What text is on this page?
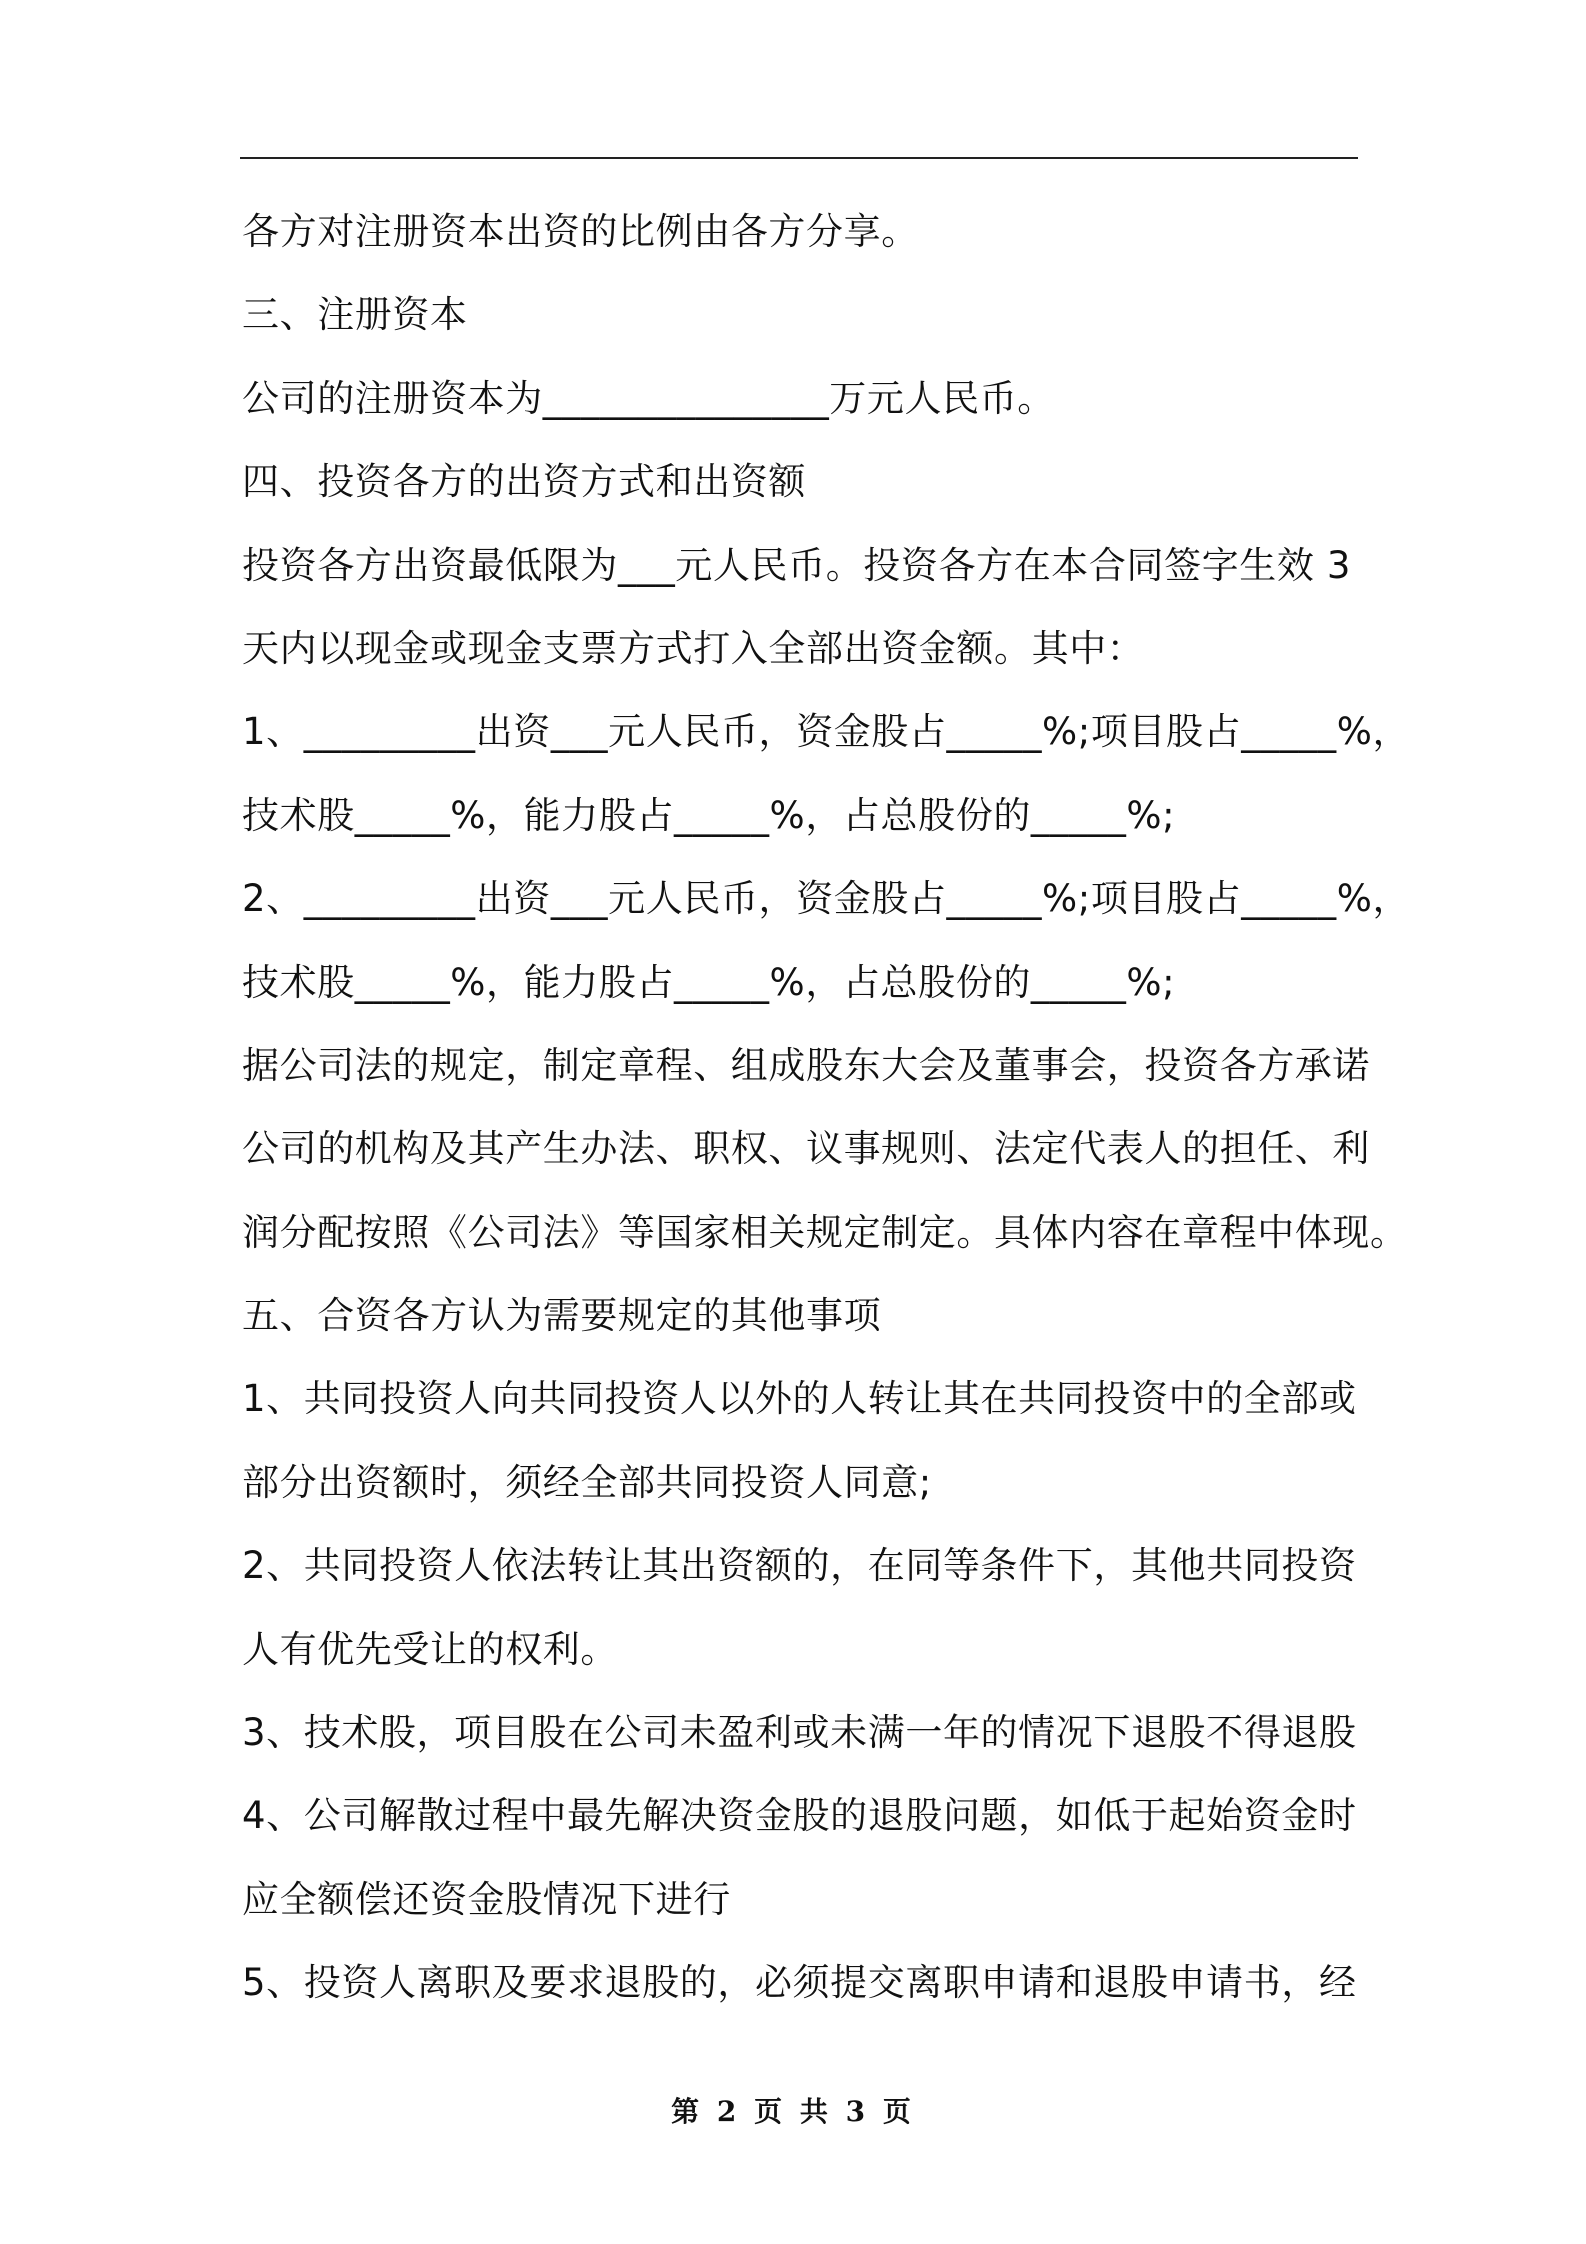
各方对注册资本出资的比例由各方分享。
三、注册资本
公司的注册资本为_______________万元人民币。
四、投资各方的出资方式和出资额
投资各方出资最低限为___元人民币。投资各方在本合同签字生效 3
天内以现金或现金支票方式打入全部出资金额。其中：
1、_________出资___元人民币，资金股占_____%;项目股占_____%，
技术股_____%，能力股占_____%，占总股份的_____%;
2、_________出资___元人民币，资金股占_____%;项目股占_____%，
技术股_____%，能力股占_____%，占总股份的_____%;
据公司法的规定，制定章程、组成股东大会及董事会，投资各方承诺
公司的机构及其产生办法、职权、议事规则、法定代表人的担任、利
润分配按照《公司法》等国家相关规定制定。具体内容在章程中体现。
五、合资各方认为需要规定的其他事项
1、共同投资人向共同投资人以外的人转让其在共同投资中的全部或
部分出资额时，须经全部共同投资人同意;
2、共同投资人依法转让其出资额的，在同等条件下，其他共同投资
人有优先受让的权利。
3、技术股，项目股在公司未盈利或未满一年的情况下退股不得退股
4、公司解散过程中最先解决资金股的退股问题，如低于起始资金时
应全额偿还资金股情况下进行
5、投资人离职及要求退股的，必须提交离职申请和退股申请书，经
第 2 页 共 3 页
